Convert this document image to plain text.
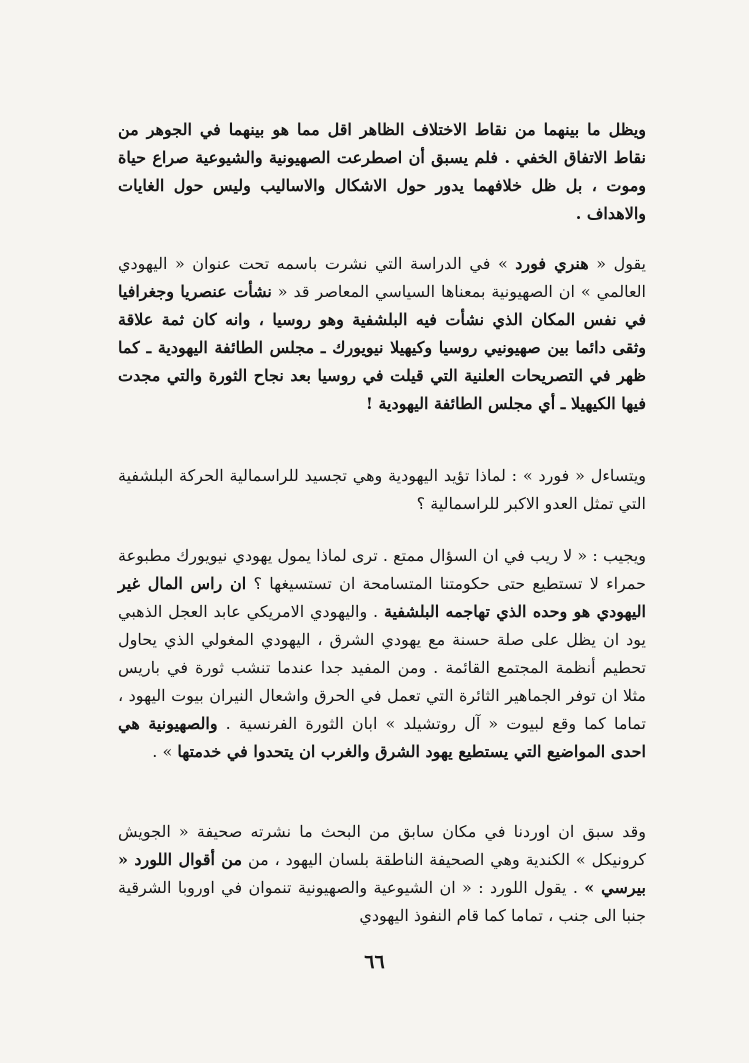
ويظل ما بينهما من نقاط الاختلاف الظاهر اقل مما هو بينهما في الجوهر من نقاط الاتفاق الخفي . فلم يسبق أن اصطرعت الصهيونية والشيوعية صراع حياة وموت ، بل ظل خلافهما يدور حول الاشكال والاساليب وليس حول الغايات والاهداف .

يقول « هنري فورد » في الدراسة التي نشرت باسمه تحت عنوان « اليهودي العالمي » ان الصهيونية بمعناها السياسي المعاصر قد « نشأت عنصريا وجغرافيا في نفس المكان الذي نشأت فيه البلشفية وهو روسيا ، وانه كان ثمة علاقة وثقى دائما بين صهيونيي روسيا وكيهيلا نيويورك ـ مجلس الطائفة اليهودية ـ كما ظهر في التصريحات العلنية التي قيلت في روسيا بعد نجاح الثورة والتي مجدت فيها الكيهيلا ـ أي مجلس الطائفة اليهودية !

ويتساءل « فورد » : لماذا تؤيد اليهودية وهي تجسيد للراسمالية الحركة البلشفية التي تمثل العدو الاكبر للراسمالية ؟

ويجيب : « لا ريب في ان السؤال ممتع . ترى لماذا يمول يهودي نيويورك مطبوعة حمراء لا تستطيع حتى حكومتنا المتسامحة ان تستسيغها ؟ ان راس المال غير اليهودي هو وحده الذي تهاجمه البلشفية . واليهودي الامريكي عابد العجل الذهبي يود ان يظل على صلة حسنة مع يهودي الشرق ، اليهودي المغولي الذي يحاول تحطيم أنظمة المجتمع القائمة . ومن المفيد جدا عندما تنشب ثورة في باريس مثلا ان توفر الجماهير الثائرة التي تعمل في الحرق واشعال النيران بيوت اليهود ، تماما كما وقع لبيوت « آل روتشيلد » ابان الثورة الفرنسية . والصهيونية هي احدى المواضيع التي يستطيع يهود الشرق والغرب ان يتحدوا في خدمتها » .

وقد سبق ان اوردنا في مكان سابق من البحث ما نشرته صحيفة « الجويش كرونيكل » الكندية وهي الصحيفة الناطقة بلسان اليهود ، من من أقوال اللورد « بيرسي » . يقول اللورد : « ان الشيوعية والصهيونية تنموان في اوروبا الشرقية جنبا الى جنب ، تماما كما قام النفوذ اليهودي

٦٦
